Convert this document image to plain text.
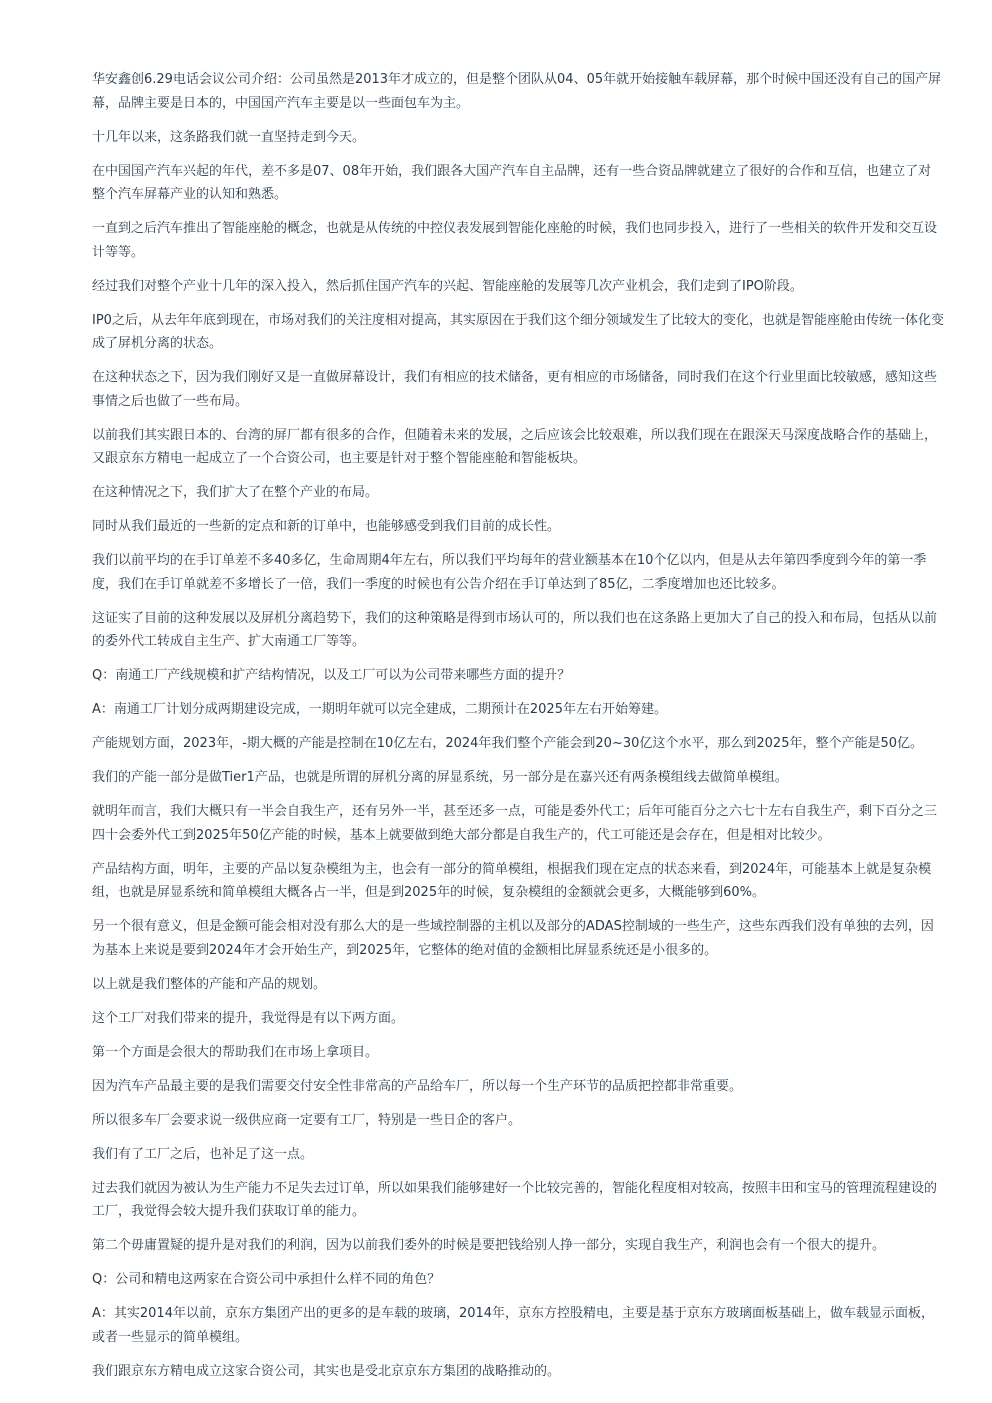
华安鑫创6.29电话会议公司介绍：公司虽然是2013年才成立的，但是整个团队从04、05年就开始接触车载屏幕，那个时候中国还没有自己的国产屏幕，品牌主要是日本的，中国国产汽车主要是以一些面包车为主。

十几年以来，这条路我们就一直坚持走到今天。

在中国国产汽车兴起的年代，差不多是07、08年开始，我们跟各大国产汽车自主品牌，还有一些合资品牌就建立了很好的合作和互信，也建立了对整个汽车屏幕产业的认知和熟悉。

一直到之后汽车推出了智能座舱的概念，也就是从传统的中控仪表发展到智能化座舱的时候，我们也同步投入，进行了一些相关的软件开发和交互设计等等。

经过我们对整个产业十几年的深入投入，然后抓住国产汽车的兴起、智能座舱的发展等几次产业机会，我们走到了IPO阶段。

IP0之后，从去年年底到现在，市场对我们的关注度相对提高，其实原因在于我们这个细分领域发生了比较大的变化，也就是智能座舱由传统一体化变成了屏机分离的状态。

在这种状态之下，因为我们刚好又是一直做屏幕设计，我们有相应的技术储备，更有相应的市场储备，同时我们在这个行业里面比较敏感，感知这些事情之后也做了一些布局。

以前我们其实跟日本的、台湾的屏厂都有很多的合作，但随着未来的发展，之后应该会比较艰难，所以我们现在在跟深天马深度战略合作的基础上，又跟京东方精电一起成立了一个合资公司，也主要是针对于整个智能座舱和智能板块。

在这种情况之下，我们扩大了在整个产业的布局。

同时从我们最近的一些新的定点和新的订单中，也能够感受到我们目前的成长性。

我们以前平均的在手订单差不多40多亿，生命周期4年左右，所以我们平均每年的营业额基本在10个亿以内，但是从去年第四季度到今年的第一季度，我们在手订单就差不多增长了一倍，我们一季度的时候也有公告介绍在手订单达到了85亿，二季度增加也还比较多。

这证实了目前的这种发展以及屏机分离趋势下，我们的这种策略是得到市场认可的，所以我们也在这条路上更加大了自己的投入和布局，包括从以前的委外代工转成自主生产、扩大南通工厂等等。

Q：南通工厂产线规模和扩产结构情况，以及工厂可以为公司带来哪些方面的提升？

A：南通工厂计划分成两期建设完成，一期明年就可以完全建成，二期预计在2025年左右开始筹建。

产能规划方面，2023年，-期大概的产能是控制在10亿左右，2024年我们整个产能会到20~30亿这个水平，那么到2025年，整个产能是50亿。

我们的产能一部分是做Tier1产品，也就是所谓的屏机分离的屏显系统，另一部分是在嘉兴还有两条模组线去做简单模组。

就明年而言，我们大概只有一半会自我生产，还有另外一半，甚至还多一点，可能是委外代工；后年可能百分之六七十左右自我生产，剩下百分之三四十会委外代工到2025年50亿产能的时候，基本上就要做到绝大部分都是自我生产的，代工可能还是会存在，但是相对比较少。

产品结构方面，明年，主要的产品以复杂模组为主，也会有一部分的简单模组，根据我们现在定点的状态来看，到2024年，可能基本上就是复杂模组，也就是屏显系统和简单模组大概各占一半，但是到2025年的时候，复杂模组的金额就会更多，大概能够到60%。

另一个很有意义，但是金额可能会相对没有那么大的是一些域控制器的主机以及部分的ADAS控制域的一些生产，这些东西我们没有单独的去列，因为基本上来说是要到2024年才会开始生产，到2025年，它整体的绝对值的金额相比屏显系统还是小很多的。

以上就是我们整体的产能和产品的规划。

这个工厂对我们带来的提升，我觉得是有以下两方面。

第一个方面是会很大的帮助我们在市场上拿项目。

因为汽车产品最主要的是我们需要交付安全性非常高的产品给车厂，所以每一个生产环节的品质把控都非常重要。

所以很多车厂会要求说一级供应商一定要有工厂，特别是一些日企的客户。

我们有了工厂之后，也补足了这一点。

过去我们就因为被认为生产能力不足失去过订单，所以如果我们能够建好一个比较完善的，智能化程度相对较高，按照丰田和宝马的管理流程建设的工厂，我觉得会较大提升我们获取订单的能力。

第二个毋庸置疑的提升是对我们的利润，因为以前我们委外的时候是要把钱给别人挣一部分，实现自我生产，利润也会有一个很大的提升。

Q：公司和精电这两家在合资公司中承担什么样不同的角色？

A：其实2014年以前，京东方集团产出的更多的是车载的玻璃，2014年，京东方控股精电，主要是基于京东方玻璃面板基础上，做车载显示面板，或者一些显示的简单模组。

我们跟京东方精电成立这家合资公司，其实也是受北京京东方集团的战略推动的。
